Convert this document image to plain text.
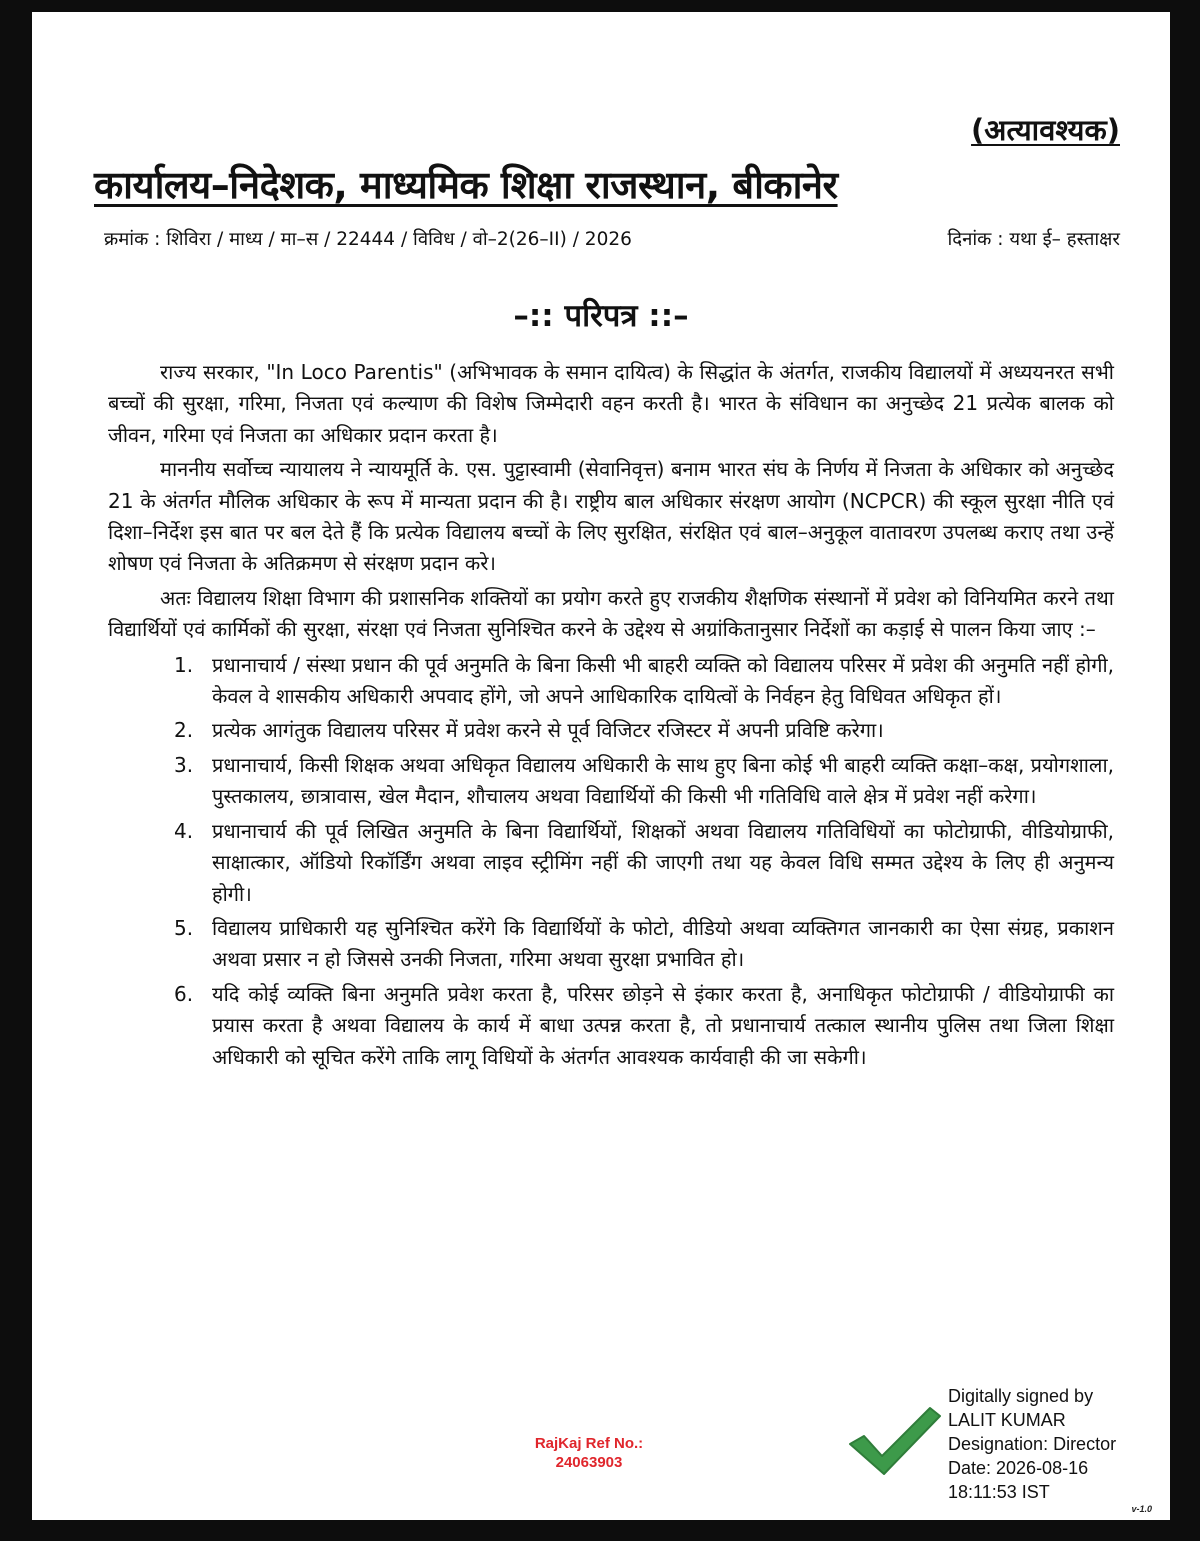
(अत्यावश्यक)
कार्यालय–निदेशक, माध्यमिक शिक्षा राजस्थान, बीकानेर
क्रमांक : शिविरा / माध्य / मा–स / 22444 / विविध / वो–2(26–ІІ) / 2026	दिनांक : यथा ई– हस्ताक्षर
–:: परिपत्र ::–

राज्य सरकार, "In Loco Parentis" (अभिभावक के समान दायित्व) के सिद्धांत के अंतर्गत, राजकीय विद्यालयों में अध्ययनरत सभी बच्चों की सुरक्षा, गरिमा, निजता एवं कल्याण की विशेष जिम्मेदारी वहन करती है। भारत के संविधान का अनुच्छेद 21 प्रत्येक बालक को जीवन, गरिमा एवं निजता का अधिकार प्रदान करता है।

माननीय सर्वोच्च न्यायालय ने न्यायमूर्ति के. एस. पुट्टास्वामी (सेवानिवृत्त) बनाम भारत संघ के निर्णय में निजता के अधिकार को अनुच्छेद 21 के अंतर्गत मौलिक अधिकार के रूप में मान्यता प्रदान की है। राष्ट्रीय बाल अधिकार संरक्षण आयोग (NCPCR) की स्कूल सुरक्षा नीति एवं दिशा–निर्देश इस बात पर बल देते हैं कि प्रत्येक विद्यालय बच्चों के लिए सुरक्षित, संरक्षित एवं बाल–अनुकूल वातावरण उपलब्ध कराए तथा उन्हें शोषण एवं निजता के अतिक्रमण से संरक्षण प्रदान करे।

अतः विद्यालय शिक्षा विभाग की प्रशासनिक शक्तियों का प्रयोग करते हुए राजकीय शैक्षणिक संस्थानों में प्रवेश को विनियमित करने तथा विद्यार्थियों एवं कार्मिकों की सुरक्षा, संरक्षा एवं निजता सुनिश्चित करने के उद्देश्य से अग्रांकितानुसार निर्देशों का कड़ाई से पालन किया जाए :–

1. प्रधानाचार्य / संस्था प्रधान की पूर्व अनुमति के बिना किसी भी बाहरी व्यक्ति को विद्यालय परिसर में प्रवेश की अनुमति नहीं होगी, केवल वे शासकीय अधिकारी अपवाद होंगे, जो अपने आधिकारिक दायित्वों के निर्वहन हेतु विधिवत अधिकृत हों।
2. प्रत्येक आगंतुक विद्यालय परिसर में प्रवेश करने से पूर्व विजिटर रजिस्टर में अपनी प्रविष्टि करेगा।
3. प्रधानाचार्य, किसी शिक्षक अथवा अधिकृत विद्यालय अधिकारी के साथ हुए बिना कोई भी बाहरी व्यक्ति कक्षा–कक्ष, प्रयोगशाला, पुस्तकालय, छात्रावास, खेल मैदान, शौचालय अथवा विद्यार्थियों की किसी भी गतिविधि वाले क्षेत्र में प्रवेश नहीं करेगा।
4. प्रधानाचार्य की पूर्व लिखित अनुमति के बिना विद्यार्थियों, शिक्षकों अथवा विद्यालय गतिविधियों का फोटोग्राफी, वीडियोग्राफी, साक्षात्कार, ऑडियो रिकॉर्डिंग अथवा लाइव स्ट्रीमिंग नहीं की जाएगी तथा यह केवल विधि सम्मत उद्देश्य के लिए ही अनुमन्य होगी।
5. विद्यालय प्राधिकारी यह सुनिश्चित करेंगे कि विद्यार्थियों के फोटो, वीडियो अथवा व्यक्तिगत जानकारी का ऐसा संग्रह, प्रकाशन अथवा प्रसार न हो जिससे उनकी निजता, गरिमा अथवा सुरक्षा प्रभावित हो।
6. यदि कोई व्यक्ति बिना अनुमति प्रवेश करता है, परिसर छोड़ने से इंकार करता है, अनाधिकृत फोटोग्राफी / वीडियोग्राफी का प्रयास करता है अथवा विद्यालय के कार्य में बाधा उत्पन्न करता है, तो प्रधानाचार्य तत्काल स्थानीय पुलिस तथा जिला शिक्षा अधिकारी को सूचित करेंगे ताकि लागू विधियों के अंतर्गत आवश्यक कार्यवाही की जा सकेगी।
RajKaj Ref No.:
24063903
Digitally signed by
LALIT KUMAR
Designation: Director
Date: 2026-08-16
18:11:53 IST
v-1.0
